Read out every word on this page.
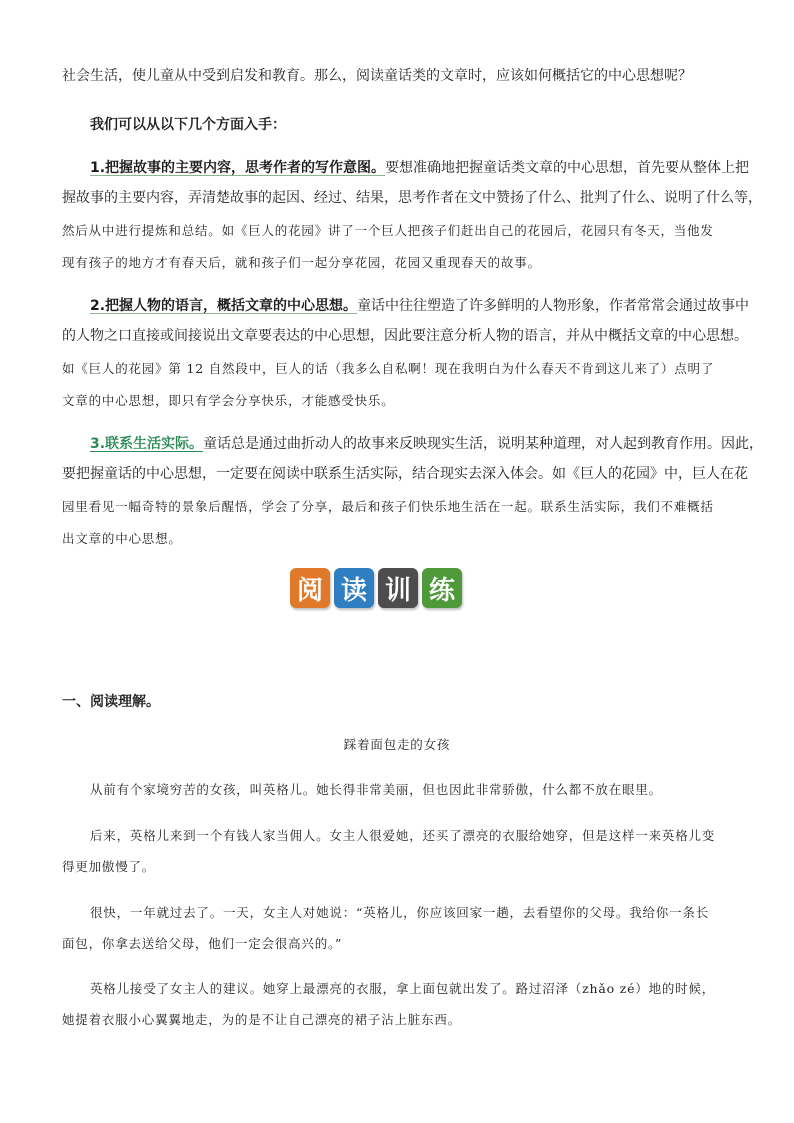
社会生活，使儿童从中受到启发和教育。那么，阅读童话类的文章时，应该如何概括它的中心思想呢？
我们可以从以下几个方面入手：
1.把握故事的主要内容，思考作者的写作意图。要想准确地把握童话类文章的中心思想，首先要从整体上把
握故事的主要内容，弄清楚故事的起因、经过、结果，思考作者在文中赞扬了什么、批判了什么、说明了什么等，
然后从中进行提炼和总结。如《巨人的花园》讲了一个巨人把孩子们赶出自己的花园后，花园只有冬天，当他发
现有孩子的地方才有春天后，就和孩子们一起分享花园，花园又重现春天的故事。
2.把握人物的语言，概括文章的中心思想。童话中往往塑造了许多鲜明的人物形象，作者常常会通过故事中
的人物之口直接或间接说出文章要表达的中心思想，因此要注意分析人物的语言，并从中概括文章的中心思想。
如《巨人的花园》第 12 自然段中，巨人的话（我多么自私啊！现在我明白为什么春天不肯到这儿来了）点明了
文章的中心思想，即只有学会分享快乐，才能感受快乐。
3.联系生活实际。童话总是通过曲折动人的故事来反映现实生活，说明某种道理，对人起到教育作用。因此，
要把握童话的中心思想，一定要在阅读中联系生活实际，结合现实去深入体会。如《巨人的花园》中，巨人在花
园里看见一幅奇特的景象后醒悟，学会了分享，最后和孩子们快乐地生活在一起。联系生活实际，我们不难概括
出文章的中心思想。
阅 读 训 练
一、阅读理解。
踩着面包走的女孩
从前有个家境穷苦的女孩，叫英格儿。她长得非常美丽，但也因此非常骄傲，什么都不放在眼里。
后来，英格儿来到一个有钱人家当佣人。女主人很爱她，还买了漂亮的衣服给她穿，但是这样一来英格儿变
得更加傲慢了。
很快，一年就过去了。一天，女主人对她说：“英格儿，你应该回家一趟，去看望你的父母。我给你一条长
面包，你拿去送给父母，他们一定会很高兴的。”
英格儿接受了女主人的建议。她穿上最漂亮的衣服，拿上面包就出发了。路过沼泽（zhǎo zé）地的时候，
她提着衣服小心翼翼地走，为的是不让自己漂亮的裙子沾上脏东西。
